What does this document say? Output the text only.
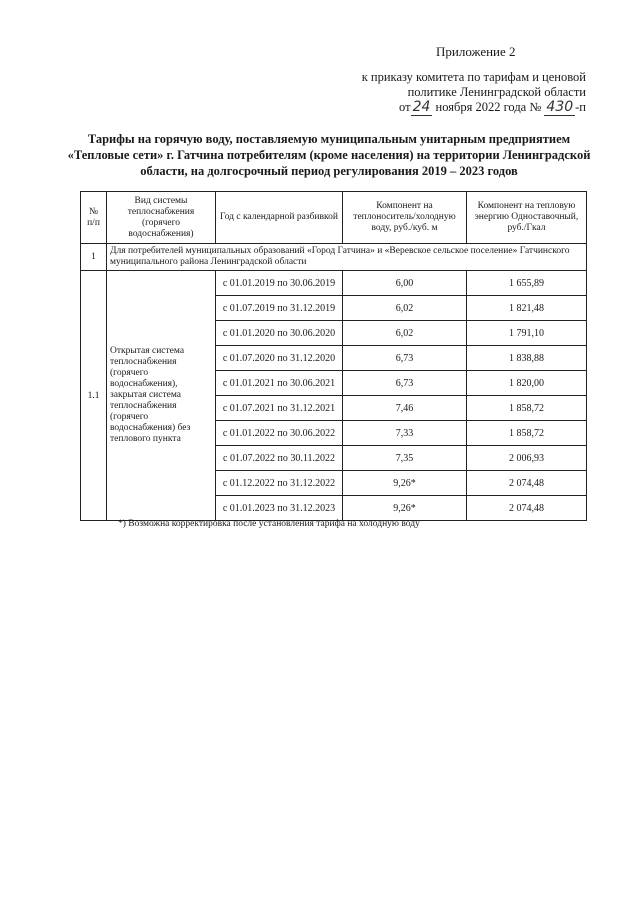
Приложение 2
к приказу комитета по тарифам и ценовой
политике Ленинградской области
от 24 ноября 2022 года № 430 -п
Тарифы на горячую воду, поставляемую муниципальным унитарным предприятием «Тепловые сети» г. Гатчина потребителям (кроме населения) на территории Ленинградской области, на долгосрочный период регулирования 2019 – 2023 годов
№ п/п	Вид системы теплоснабжения (горячего водоснабжения)	Год с календарной разбивкой	Компонент на теплоноситель/холодную воду, руб./куб. м	Компонент на тепловую энергию Одноставочный, руб./Гкал
1	Для потребителей муниципальных образований «Город Гатчина» и «Веревское сельское поселение» Гатчинского муниципального района Ленинградской области			
1.1	Открытая система теплоснабжения (горячего водоснабжения), закрытая система теплоснабжения (горячего водоснабжения) без теплового пункта	с 01.01.2019 по 30.06.2019	6,00	1 655,89
		с 01.07.2019 по 31.12.2019	6,02	1 821,48
		с 01.01.2020 по 30.06.2020	6,02	1 791,10
		с 01.07.2020 по 31.12.2020	6,73	1 838,88
		с 01.01.2021 по 30.06.2021	6,73	1 820,00
		с 01.07.2021 по 31.12.2021	7,46	1 858,72
		с 01.01.2022 по 30.06.2022	7,33	1 858,72
		с 01.07.2022 по 30.11.2022	7,35	2 006,93
		с 01.12.2022 по 31.12.2022	9,26*	2 074,48
		с 01.01.2023 по 31.12.2023	9,26*	2 074,48
*) Возможна корректировка после установления тарифа на холодную воду
